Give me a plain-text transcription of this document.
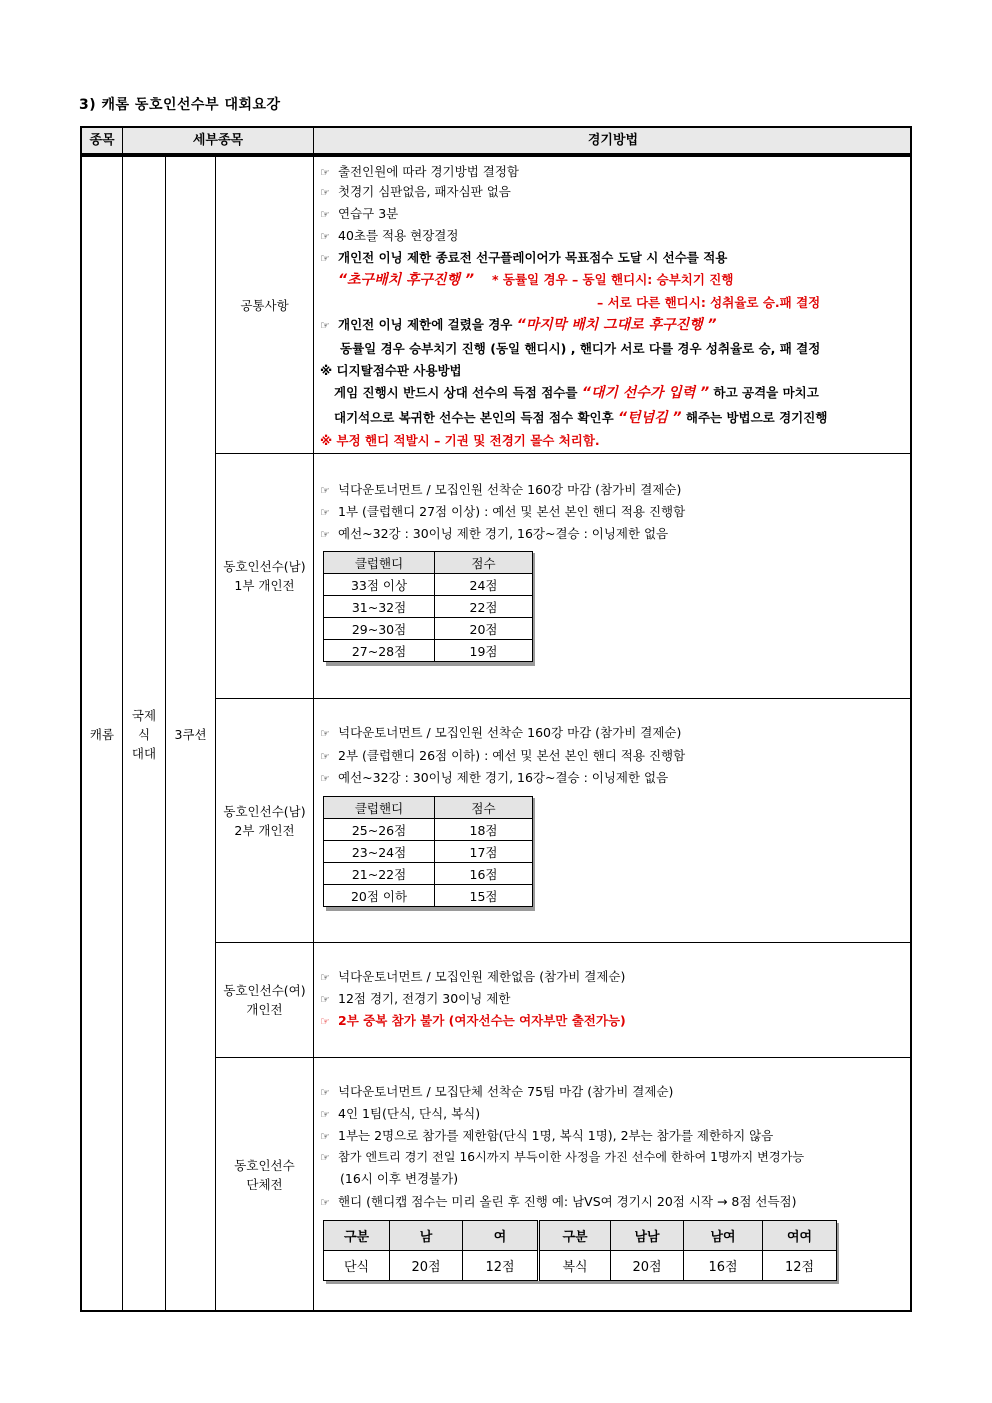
3) 캐롬 동호인선수부 대회요강
종목	세부종목	경기방법
캐롬
국제
식
대대
3쿠션
공통사항
☞ 출전인원에 따라 경기방법 결정함
☞ 첫경기 심판없음, 패자심판 없음
☞ 연습구 3분
☞ 40초를 적용 현장결정
☞ 개인전 이닝 제한 종료전 선구플레이어가 목표점수 도달 시 선수를 적용
“초구배치 후구진행 ” * 동률일 경우 – 동일 핸디시: 승부치기 진행
– 서로 다른 핸디시: 성취율로 승.패 결정
☞ 개인전 이닝 제한에 걸렸을 경우 “마지막 배치 그대로 후구진행 ”
동률일 경우 승부치기 진행 (동일 핸디시) , 핸디가 서로 다를 경우 성취율로 승, 패 결정
※ 디지탈점수판 사용방법
게임 진행시 반드시 상대 선수의 득점 점수를 “대기 선수가 입력 ” 하고 공격을 마치고
대기석으로 복귀한 선수는 본인의 득점 점수 확인후 “턴넘김 ” 해주는 방법으로 경기진행
※ 부정 핸디 적발시 – 기권 및 전경기 몰수 처리함.
동호인선수(남)
1부 개인전
☞ 넉다운토너먼트 / 모집인원 선착순 160강 마감 (참가비 결제순)
☞ 1부 (클럽핸디 27점 이상) : 예선 및 본선 본인 핸디 적용 진행함
☞ 예선~32강 : 30이닝 제한 경기, 16강~결승 : 이닝제한 없음
클럽핸디	점수
33점 이상	24점
31~32점	22점
29~30점	20점
27~28점	19점
동호인선수(남)
2부 개인전
☞ 넉다운토너먼트 / 모집인원 선착순 160강 마감 (참가비 결제순)
☞ 2부 (클럽핸디 26점 이하) : 예선 및 본선 본인 핸디 적용 진행함
☞ 예선~32강 : 30이닝 제한 경기, 16강~결승 : 이닝제한 없음
클럽핸디	점수
25~26점	18점
23~24점	17점
21~22점	16점
20점 이하	15점
동호인선수(여)
개인전
☞ 넉다운토너먼트 / 모집인원 제한없음 (참가비 결제순)
☞ 12점 경기, 전경기 30이닝 제한
☞ 2부 중복 참가 불가 (여자선수는 여자부만 출전가능)
동호인선수
단체전
☞ 넉다운토너먼트 / 모집단체 선착순 75팀 마감 (참가비 결제순)
☞ 4인 1팀(단식, 단식, 복식)
☞ 1부는 2명으로 참가를 제한함(단식 1명, 복식 1명), 2부는 참가를 제한하지 않음
☞ 참가 엔트리 경기 전일 16시까지 부득이한 사정을 가진 선수에 한하여 1명까지 변경가능
(16시 이후 변경불가)
☞ 핸디 (핸디캡 점수는 미리 올린 후 진행 예: 남VS여 경기시 20점 시작 → 8점 선득점)
구분	남	여	구분	남남	남여	여여
단식	20점	12점	복식	20점	16점	12점
